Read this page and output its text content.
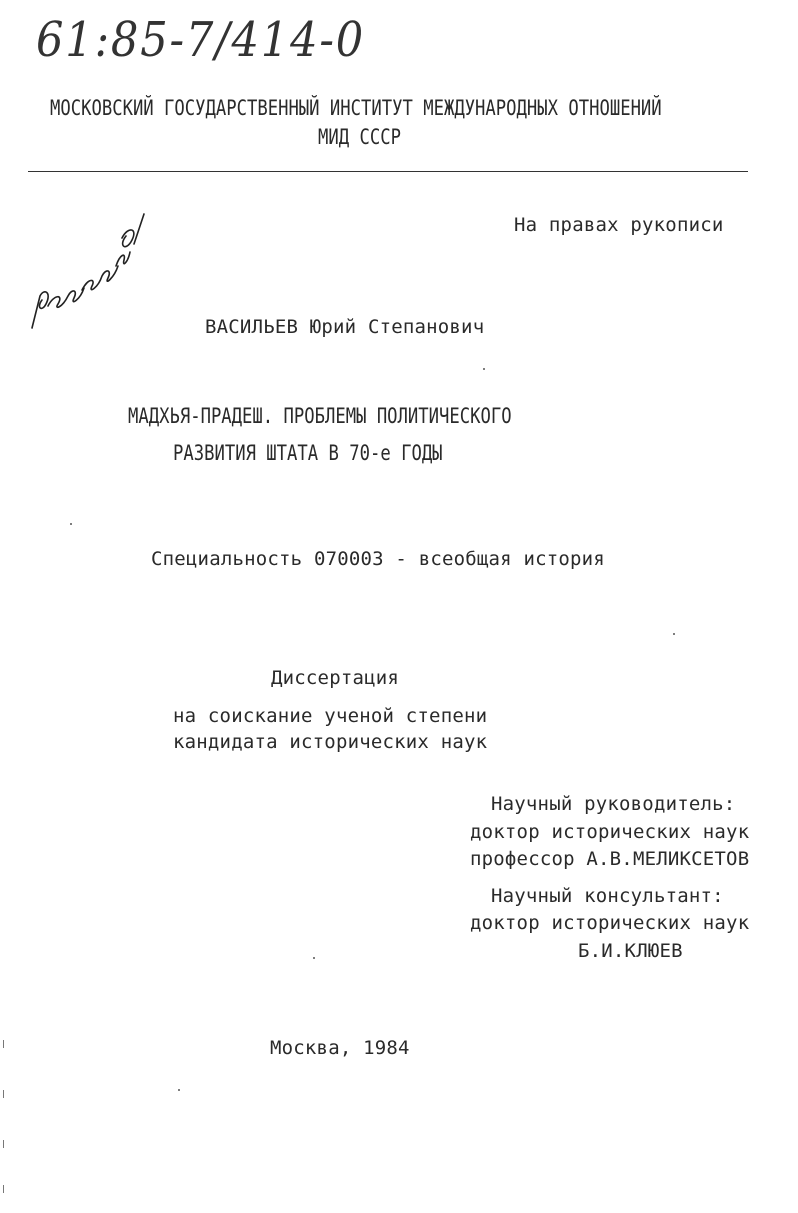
61:85-7/414-0
МОСКОВСКИЙ ГОСУДАРСТВЕННЫЙ ИНСТИТУТ МЕЖДУНАРОДНЫХ ОТНОШЕНИЙ
МИД СССР
На правах рукописи
ВАСИЛЬЕВ Юрий Степанович
МАДХЬЯ-ПРАДЕШ. ПРОБЛЕМЫ ПОЛИТИЧЕСКОГО
РАЗВИТИЯ ШТАТА В 70-е ГОДЫ
Специальность 070003 - всеобщая история
Диссертация
на соискание ученой степени
кандидата исторических наук
Научный руководитель:
доктор исторических наук
профессор А.В.МЕЛИКСЕТОВ
Научный консультант:
доктор исторических наук
Б.И.КЛЮЕВ
Москва, 1984
